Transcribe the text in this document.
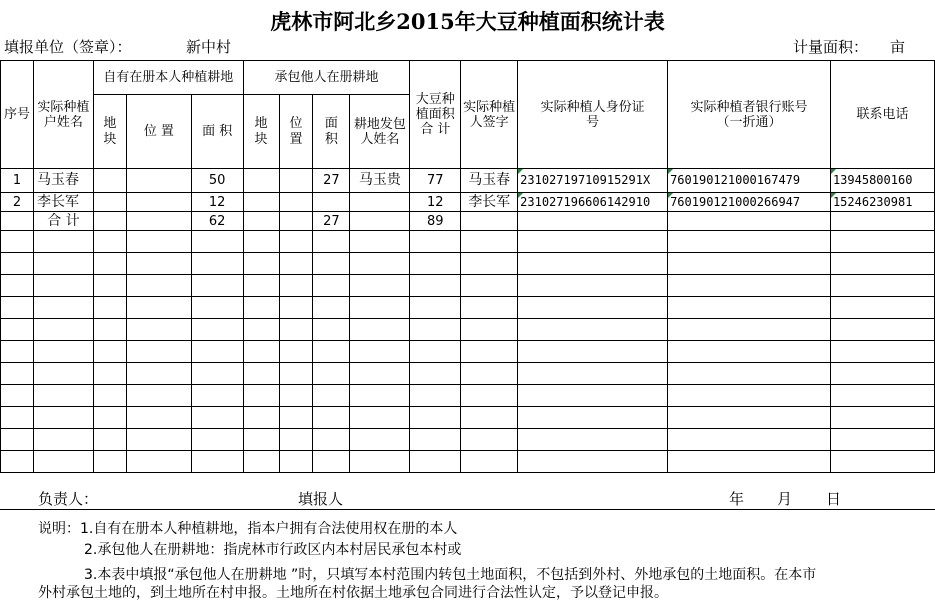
虎林市阿北乡2015年大豆种植面积统计表
填报单位（签章）：	新中村	计量面积： 亩
序号	实际种植户姓名	自有在册本人种植耕地			承包他人在册耕地				大豆种植面积合 计	实际种植人签字	实际种植人身份证号	实际种植者银行账号（一折通）	联系电话
		地块	位 置	面 积	地块	位置	面积	耕地发包人姓名					
1	马玉春			50			27	马玉贵	77	马玉春	23102719710915291X	760190121000167479	13945800160
2	李长军			12					12	李长军	231027196606142910	760190121000266947	15246230981
	合 计			62			27		89				

负责人：	填报人	年 月 日
说明：1.自有在册本人种植耕地，指本户拥有合法使用权在册的本人
2.承包他人在册耕地：指虎林市行政区内本村居民承包本村或
3.本表中填报“承包他人在册耕地 ”时，只填写本村范围内转包土地面积，不包括到外村、外地承包的土地面积。在本市
外村承包土地的，到土地所在村申报。土地所在村依据土地承包合同进行合法性认定，予以登记申报。
